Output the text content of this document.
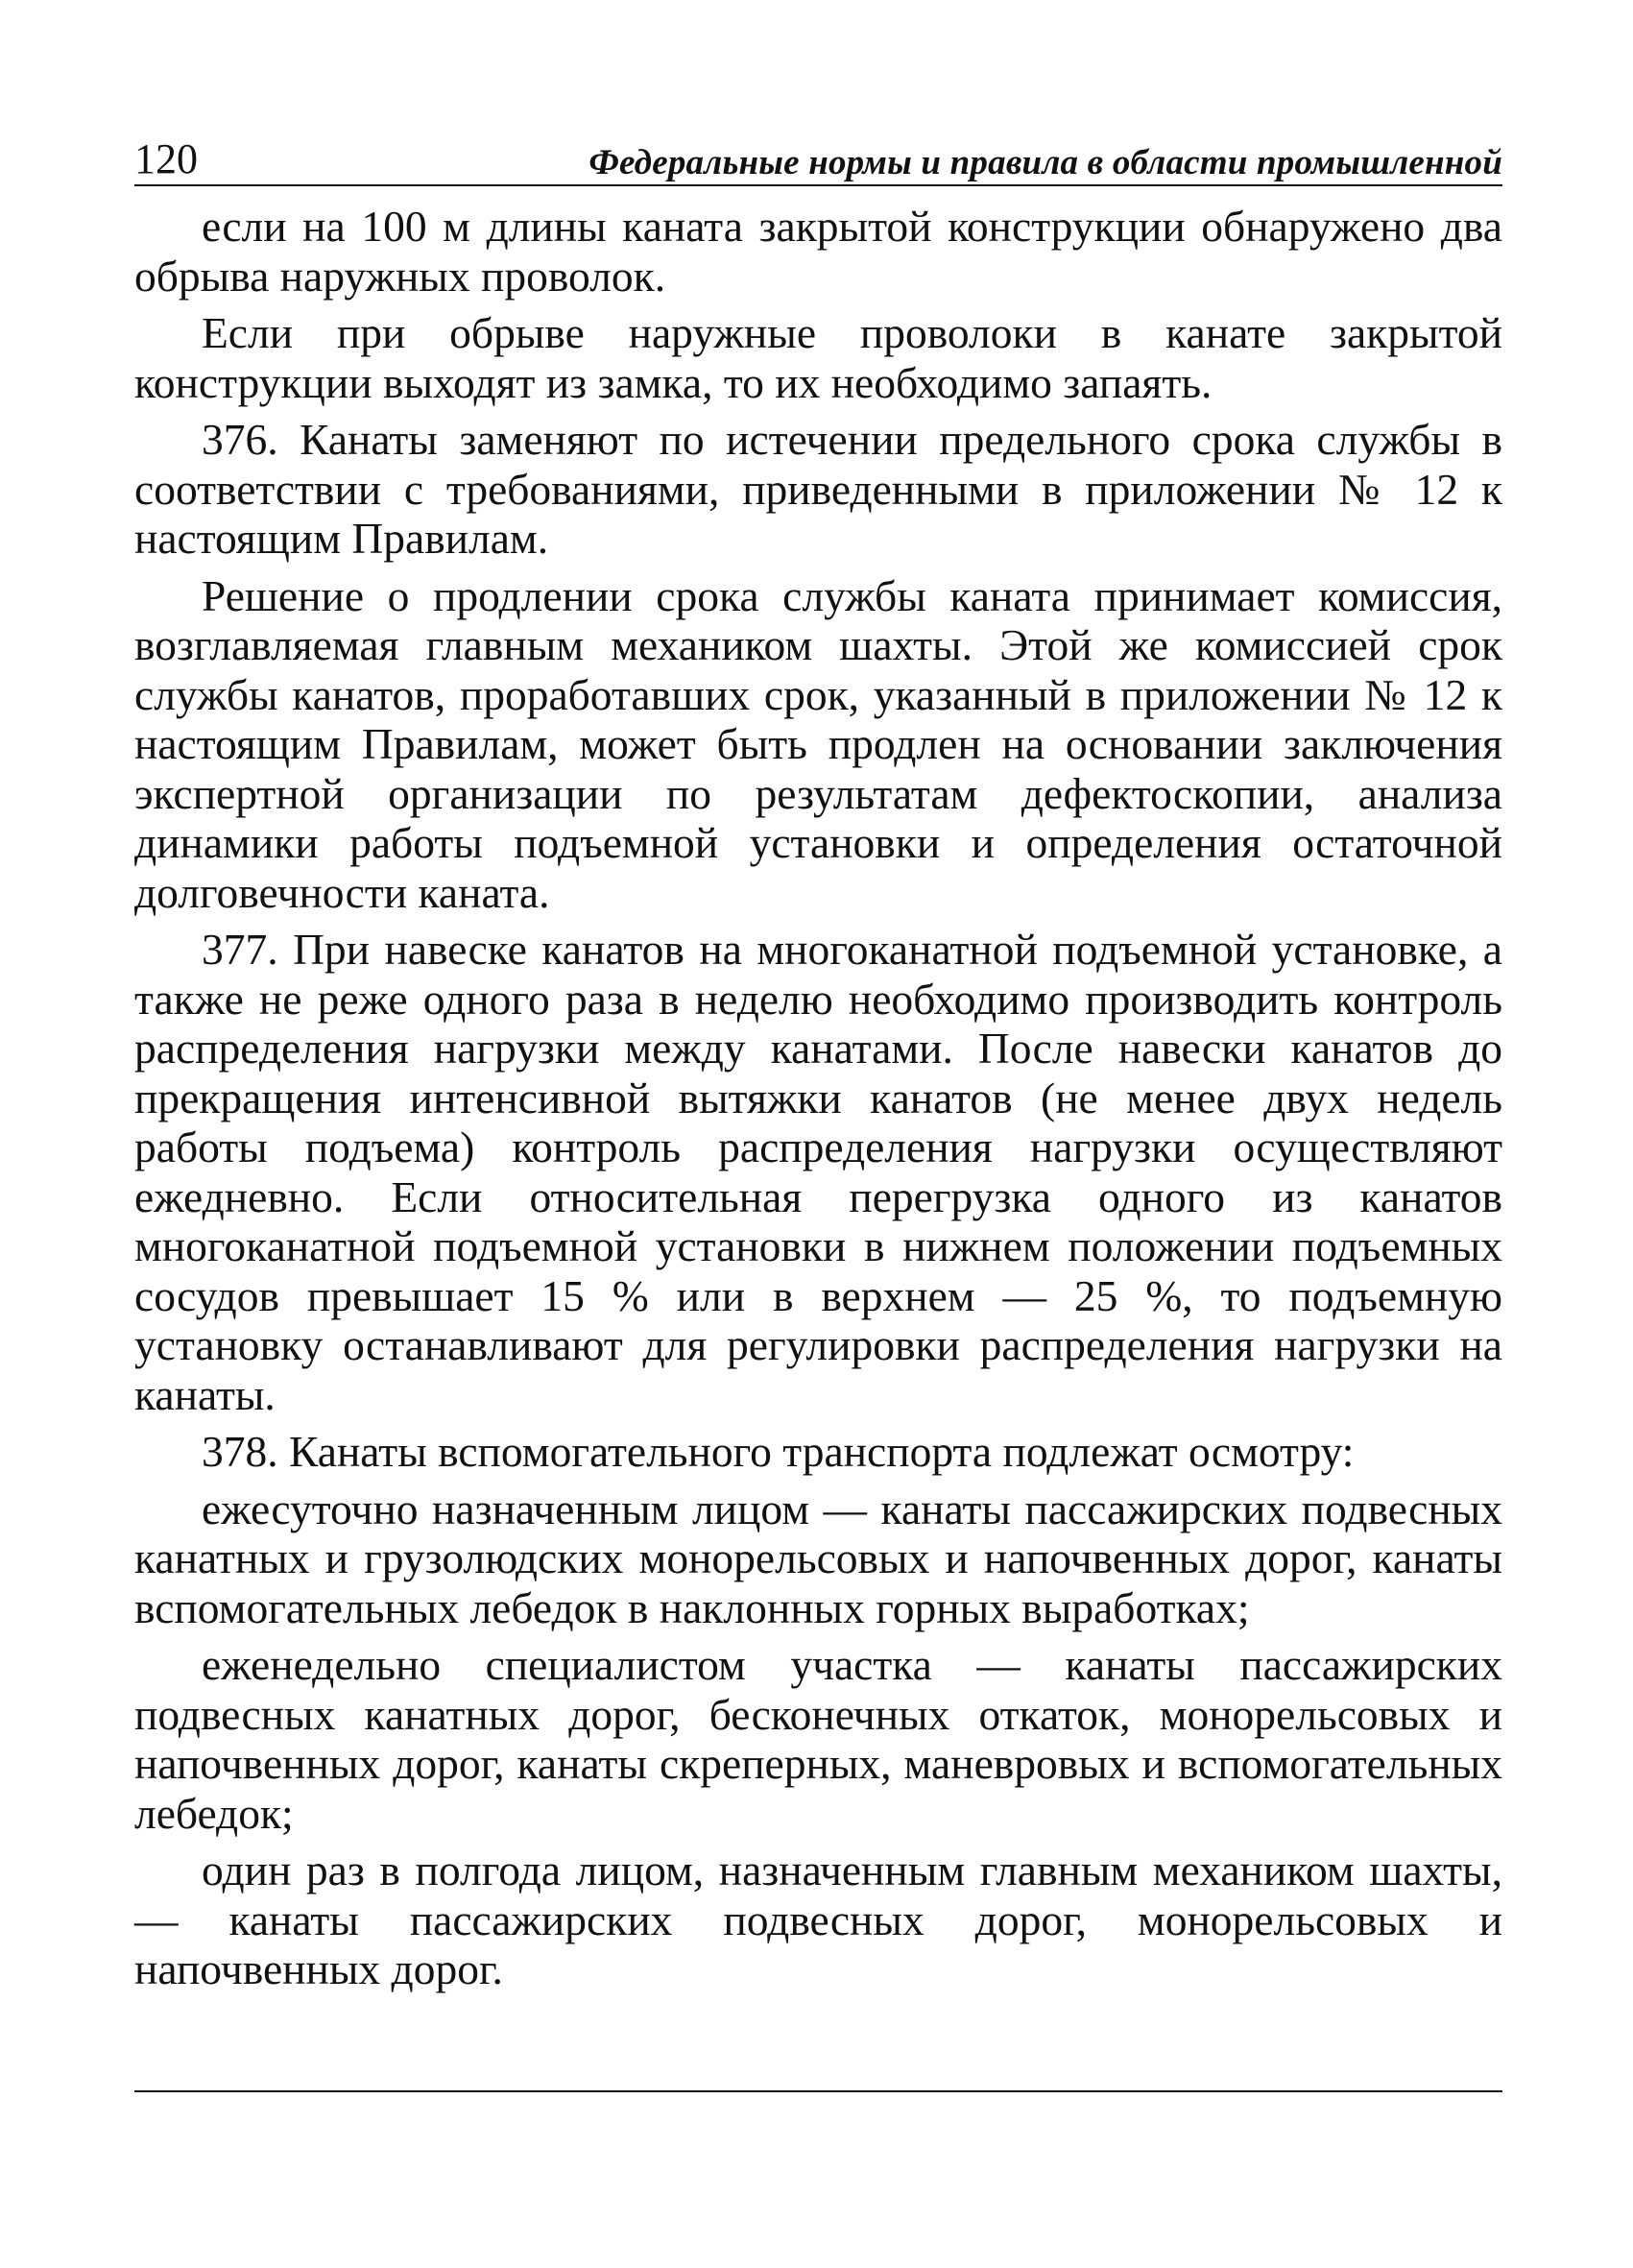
120	Федеральные нормы и правила в области промышленной

если на 100 м длины каната закрытой конструкции обнаружено два обрыва наружных проволок.

Если при обрыве наружные проволоки в канате закрытой конструкции выходят из замка, то их необходимо запаять.

376. Канаты заменяют по истечении предельного срока службы в соответствии с требованиями, приведенными в приложении № 12 к настоящим Правилам.

Решение о продлении срока службы каната принимает комиссия, возглавляемая главным механиком шахты. Этой же комиссией срок службы канатов, проработавших срок, указанный в приложении № 12 к настоящим Правилам, может быть продлен на основании заключения экспертной организации по результатам дефектоскопии, анализа динамики работы подъемной установки и определения остаточной долговечности каната.

377. При навеске канатов на многоканатной подъемной установке, а также не реже одного раза в неделю необходимо производить контроль распределения нагрузки между канатами. После навески канатов до прекращения интенсивной вытяжки канатов (не менее двух недель работы подъема) контроль распределения нагрузки осуществляют ежедневно. Если относительная перегрузка одного из канатов многоканатной подъемной установки в нижнем положении подъемных сосудов превышает 15 % или в верхнем — 25 %, то подъемную установку останавливают для регулировки распределения нагрузки на канаты.

378. Канаты вспомогательного транспорта подлежат осмотру:

ежесуточно назначенным лицом — канаты пассажирских подвесных канатных и грузолюдских монорельсовых и напочвенных дорог, канаты вспомогательных лебедок в наклонных горных выработках;

еженедельно специалистом участка — канаты пассажирских подвесных канатных дорог, бесконечных откаток, монорельсовых и напочвенных дорог, канаты скреперных, маневровых и вспомогательных лебедок;

один раз в полгода лицом, назначенным главным механиком шахты, — канаты пассажирских подвесных дорог, монорельсовых и напочвенных дорог.
